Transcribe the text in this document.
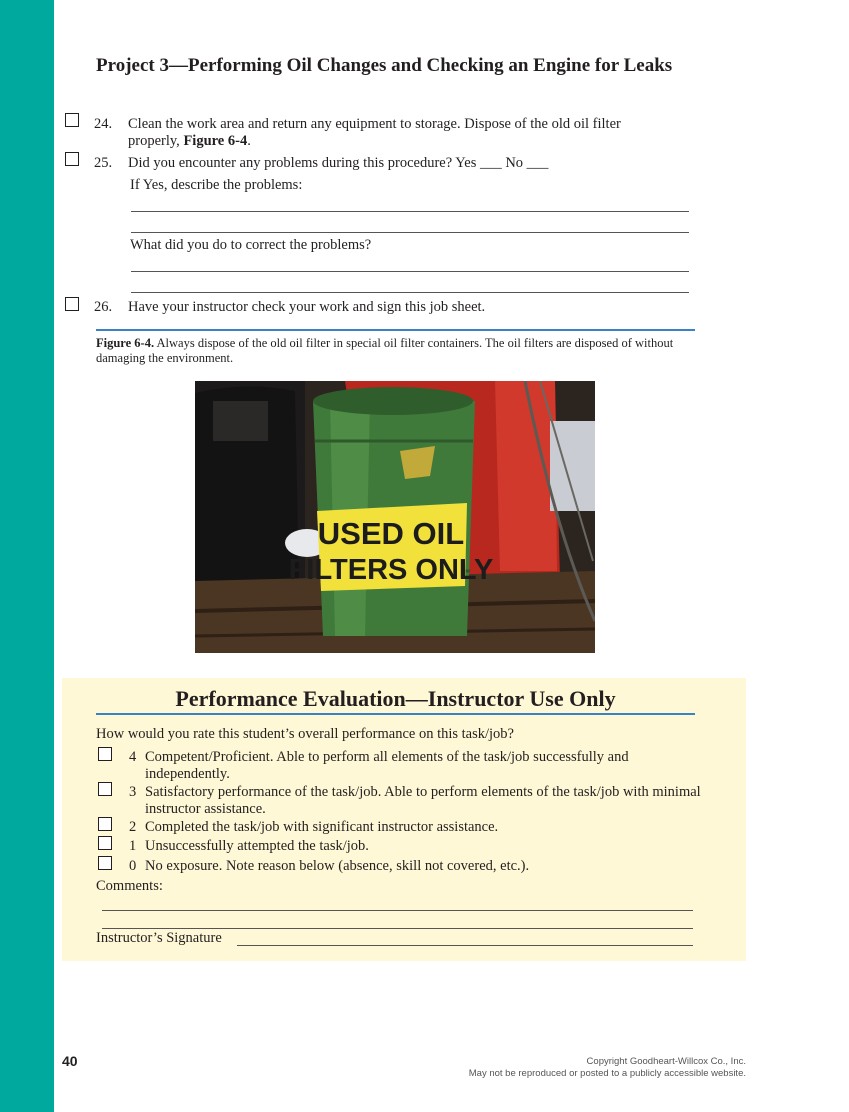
Project 3—Performing Oil Changes and Checking an Engine for Leaks
24. Clean the work area and return any equipment to storage. Dispose of the old oil filter properly, Figure 6-4.
25. Did you encounter any problems during this procedure? Yes ___ No ___
If Yes, describe the problems:
What did you do to correct the problems?
26. Have your instructor check your work and sign this job sheet.
Figure 6-4. Always dispose of the old oil filter in special oil filter containers. The oil filters are disposed of without damaging the environment.
USED OIL
FILTERS ONLY
Performance Evaluation—Instructor Use Only
How would you rate this student’s overall performance on this task/job?
4 Competent/Proficient. Able to perform all elements of the task/job successfully and independently.
3 Satisfactory performance of the task/job. Able to perform elements of the task/job with minimal instructor assistance.
2 Completed the task/job with significant instructor assistance.
1 Unsuccessfully attempted the task/job.
0 No exposure. Note reason below (absence, skill not covered, etc.).
Comments:
Instructor’s Signature
40	Copyright Goodheart-Willcox Co., Inc.
May not be reproduced or posted to a publicly accessible website.
